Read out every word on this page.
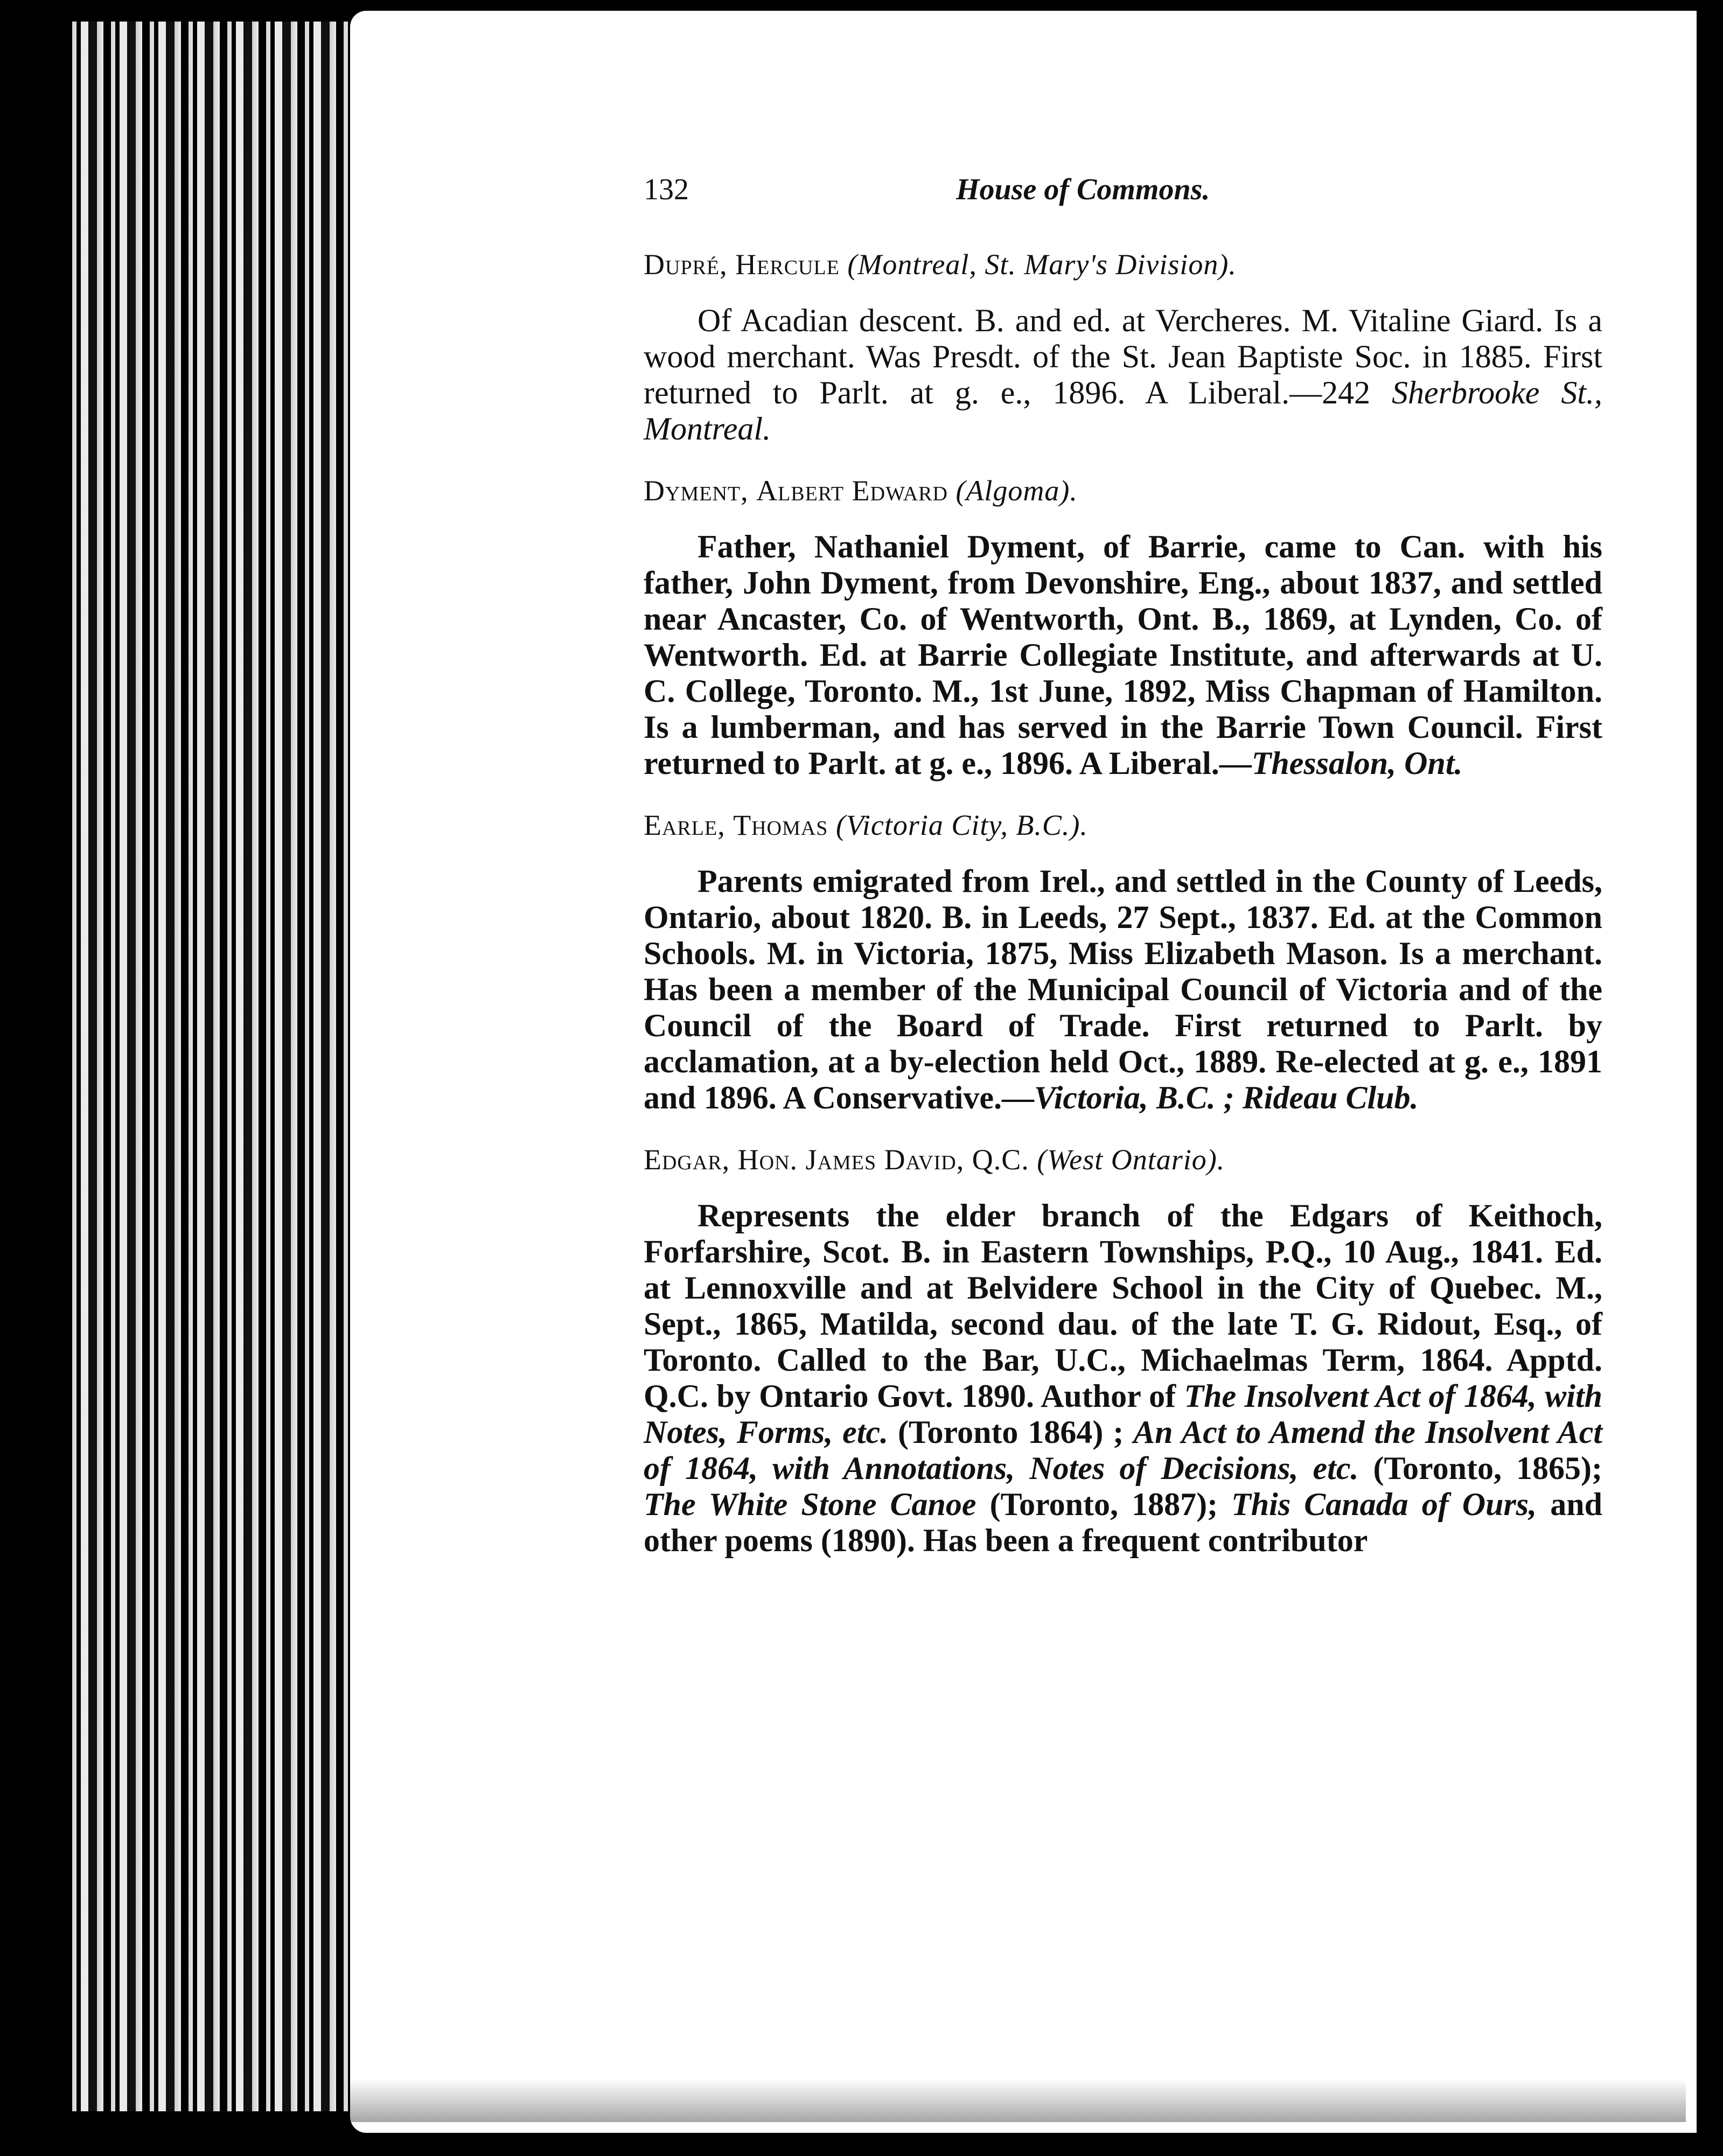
132	House of Commons.

Dupré, Hercule (Montreal, St. Mary's Division).

Of Acadian descent. B. and ed. at Vercheres. M. Vitaline Giard. Is a wood merchant. Was Presdt. of the St. Jean Baptiste Soc. in 1885. First returned to Parlt. at g. e., 1896. A Liberal.—242 Sherbrooke St., Montreal.

Dyment, Albert Edward (Algoma).

Father, Nathaniel Dyment, of Barrie, came to Can. with his father, John Dyment, from Devonshire, Eng., about 1837, and settled near Ancaster, Co. of Wentworth, Ont. B., 1869, at Lynden, Co. of Wentworth. Ed. at Barrie Collegiate Institute, and afterwards at U. C. College, Toronto. M., 1st June, 1892, Miss Chapman of Hamilton. Is a lumberman, and has served in the Barrie Town Council. First returned to Parlt. at g. e., 1896. A Liberal.—Thessalon, Ont.

Earle, Thomas (Victoria City, B.C.).

Parents emigrated from Irel., and settled in the County of Leeds, Ontario, about 1820. B. in Leeds, 27 Sept., 1837. Ed. at the Common Schools. M. in Victoria, 1875, Miss Elizabeth Mason. Is a merchant. Has been a member of the Municipal Council of Victoria and of the Council of the Board of Trade. First returned to Parlt. by acclamation, at a by-election held Oct., 1889. Re-elected at g. e., 1891 and 1896. A Conservative.—Victoria, B.C. ; Rideau Club.

Edgar, Hon. James David, Q.C. (West Ontario).

Represents the elder branch of the Edgars of Keithoch, Forfarshire, Scot. B. in Eastern Townships, P.Q., 10 Aug., 1841. Ed. at Lennoxville and at Belvidere School in the City of Quebec. M., Sept., 1865, Matilda, second dau. of the late T. G. Ridout, Esq., of Toronto. Called to the Bar, U.C., Michaelmas Term, 1864. Apptd. Q.C. by Ontario Govt. 1890. Author of The Insolvent Act of 1864, with Notes, Forms, etc. (Toronto 1864) ; An Act to Amend the Insolvent Act of 1864, with Annotations, Notes of Decisions, etc. (Toronto, 1865); The White Stone Canoe (Toronto, 1887); This Canada of Ours, and other poems (1890). Has been a frequent contributor
